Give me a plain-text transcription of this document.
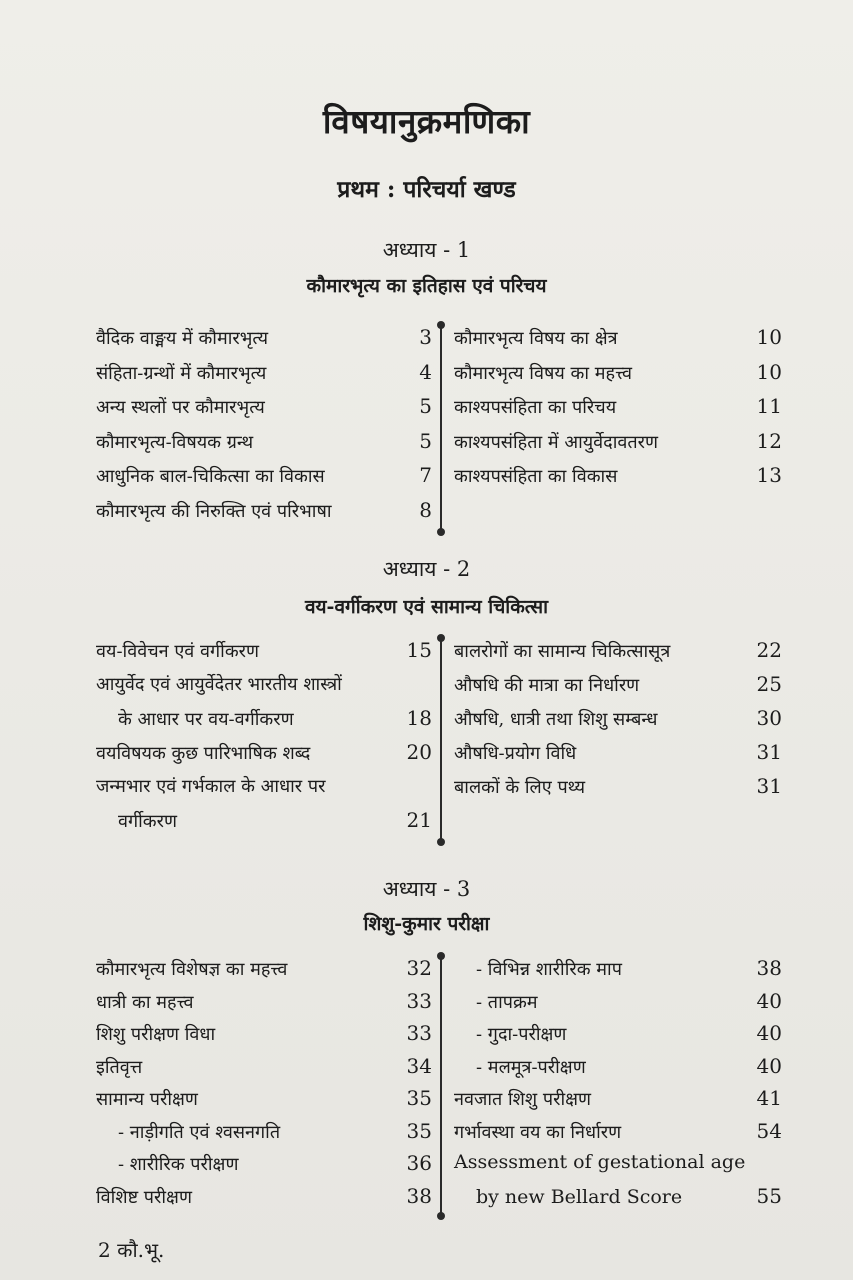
विषयानुक्रमणिका
प्रथम : परिचर्या खण्ड
अध्याय - 1
कौमारभृत्य का इतिहास एवं परिचय
वैदिक वाङ्मय में कौमारभृत्य	3
संहिता-ग्रन्थों में कौमारभृत्य	4
अन्य स्थलों पर कौमारभृत्य	5
कौमारभृत्य-विषयक ग्रन्थ	5
आधुनिक बाल-चिकित्सा का विकास	7
कौमारभृत्य की निरुक्ति एवं परिभाषा	8
कौमारभृत्य विषय का क्षेत्र	10
कौमारभृत्य विषय का महत्त्व	10
काश्यपसंहिता का परिचय	11
काश्यपसंहिता में आयुर्वेदावतरण	12
काश्यपसंहिता का विकास	13
अध्याय - 2
वय-वर्गीकरण एवं सामान्य चिकित्सा
वय-विवेचन एवं वर्गीकरण	15
आयुर्वेद एवं आयुर्वेदेतर भारतीय शास्त्रों
के आधार पर वय-वर्गीकरण	18
वयविषयक कुछ पारिभाषिक शब्द	20
जन्मभार एवं गर्भकाल के आधार पर
वर्गीकरण	21
बालरोगों का सामान्य चिकित्सासूत्र	22
औषधि की मात्रा का निर्धारण	25
औषधि, धात्री तथा शिशु सम्बन्ध	30
औषधि-प्रयोग विधि	31
बालकों के लिए पथ्य	31
अध्याय - 3
शिशु-कुमार परीक्षा
कौमारभृत्य विशेषज्ञ का महत्त्व	32
धात्री का महत्त्व	33
शिशु परीक्षण विधा	33
इतिवृत्त	34
सामान्य परीक्षण	35
- नाड़ीगति एवं श्वसनगति	35
- शारीरिक परीक्षण	36
विशिष्ट परीक्षण	38
- विभिन्न शारीरिक माप	38
- तापक्रम	40
- गुदा-परीक्षण	40
- मलमूत्र-परीक्षण	40
नवजात शिशु परीक्षण	41
गर्भावस्था वय का निर्धारण	54
Assessment of gestational age
by new Bellard Score	55
2 कौ.भू.
